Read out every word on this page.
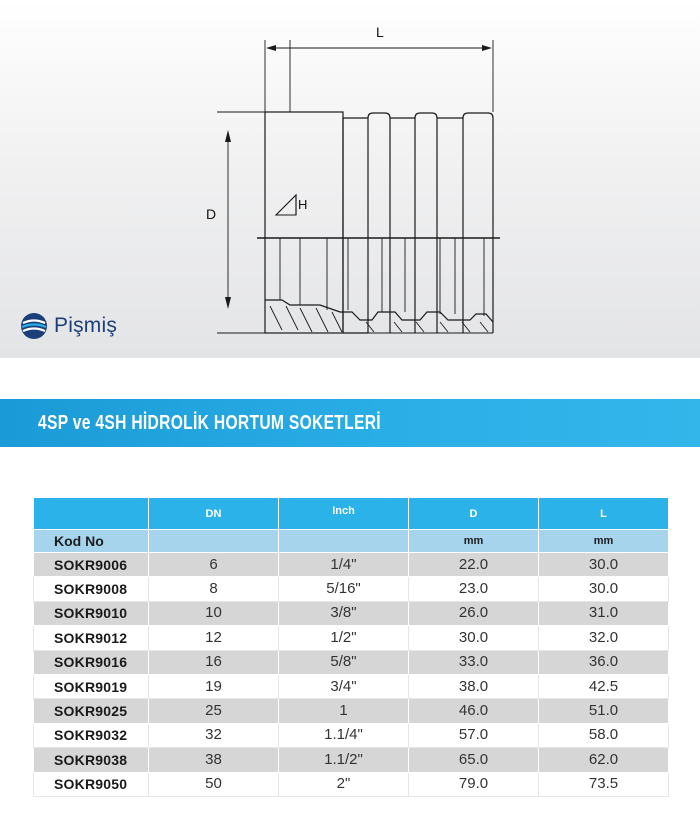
L
D
H
Pişmiş
4SP ve 4SH HİDROLİK HORTUM SOKETLERİ
	DN	Inch	D	L
Kod No			mm	mm
SOKR9006	6	1/4"	22.0	30.0
SOKR9008	8	5/16"	23.0	30.0
SOKR9010	10	3/8"	26.0	31.0
SOKR9012	12	1/2"	30.0	32.0
SOKR9016	16	5/8"	33.0	36.0
SOKR9019	19	3/4"	38.0	42.5
SOKR9025	25	1	46.0	51.0
SOKR9032	32	1.1/4"	57.0	58.0
SOKR9038	38	1.1/2"	65.0	62.0
SOKR9050	50	2"	79.0	73.5
